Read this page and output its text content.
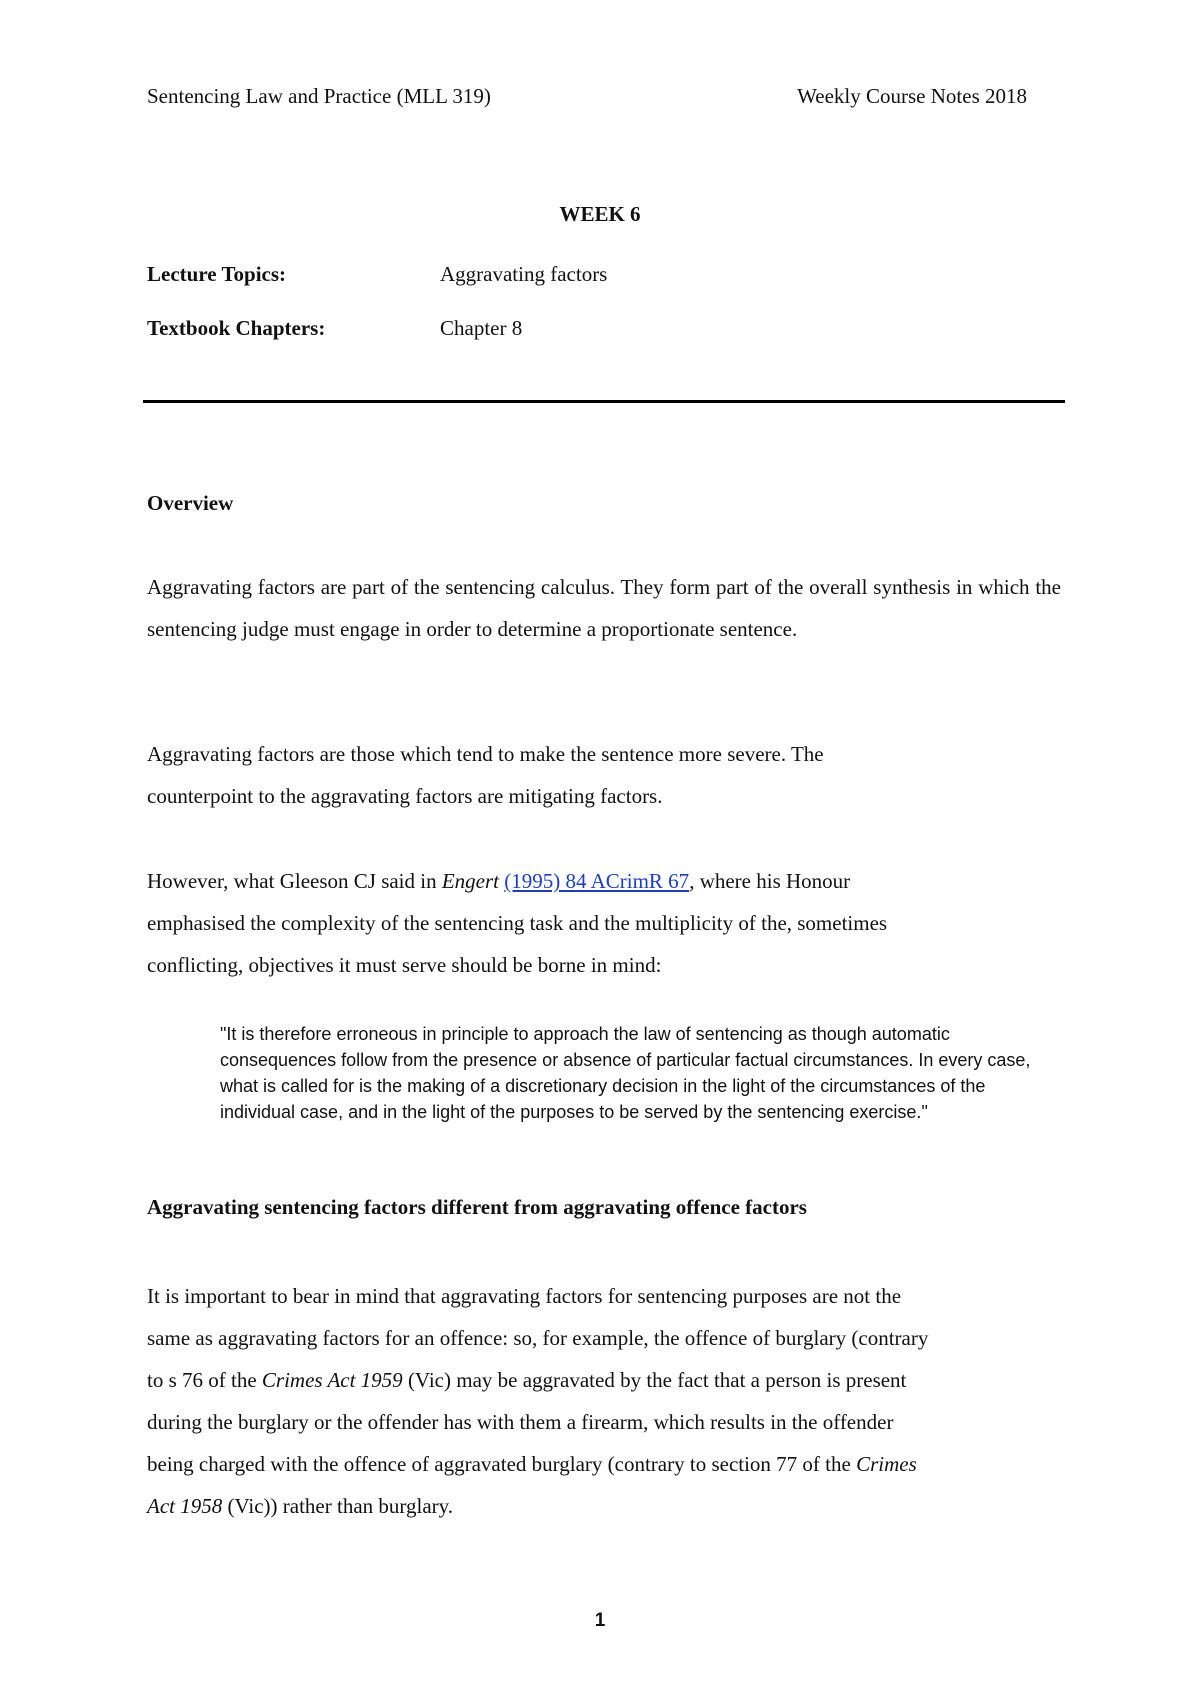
Sentencing Law and Practice (MLL 319)	Weekly Course Notes 2018
WEEK 6
Lecture Topics:	Aggravating factors
Textbook Chapters:	Chapter 8
Overview

Aggravating factors are part of the sentencing calculus. They form part of the overall synthesis in which the sentencing judge must engage in order to determine a proportionate sentence.

Aggravating factors are those which tend to make the sentence more severe. The
counterpoint to the aggravating factors are mitigating factors.
However, what Gleeson CJ said in Engert (1995) 84 ACrimR 67, where his Honour
emphasised the complexity of the sentencing task and the multiplicity of the, sometimes
conflicting, objectives it must serve should be borne in mind:

"It is therefore erroneous in principle to approach the law of sentencing as though automatic consequences follow from the presence or absence of particular factual circumstances. In every case, what is called for is the making of a discretionary decision in the light of the circumstances of the individual case, and in the light of the purposes to be served by the sentencing exercise."

Aggravating sentencing factors different from aggravating offence factors
It is important to bear in mind that aggravating factors for sentencing purposes are not the
same as aggravating factors for an offence: so, for example, the offence of burglary (contrary
to s 76 of the Crimes Act 1959 (Vic) may be aggravated by the fact that a person is present
during the burglary or the offender has with them a firearm, which results in the offender
being charged with the offence of aggravated burglary (contrary to section 77 of the Crimes
Act 1958 (Vic)) rather than burglary.
1
